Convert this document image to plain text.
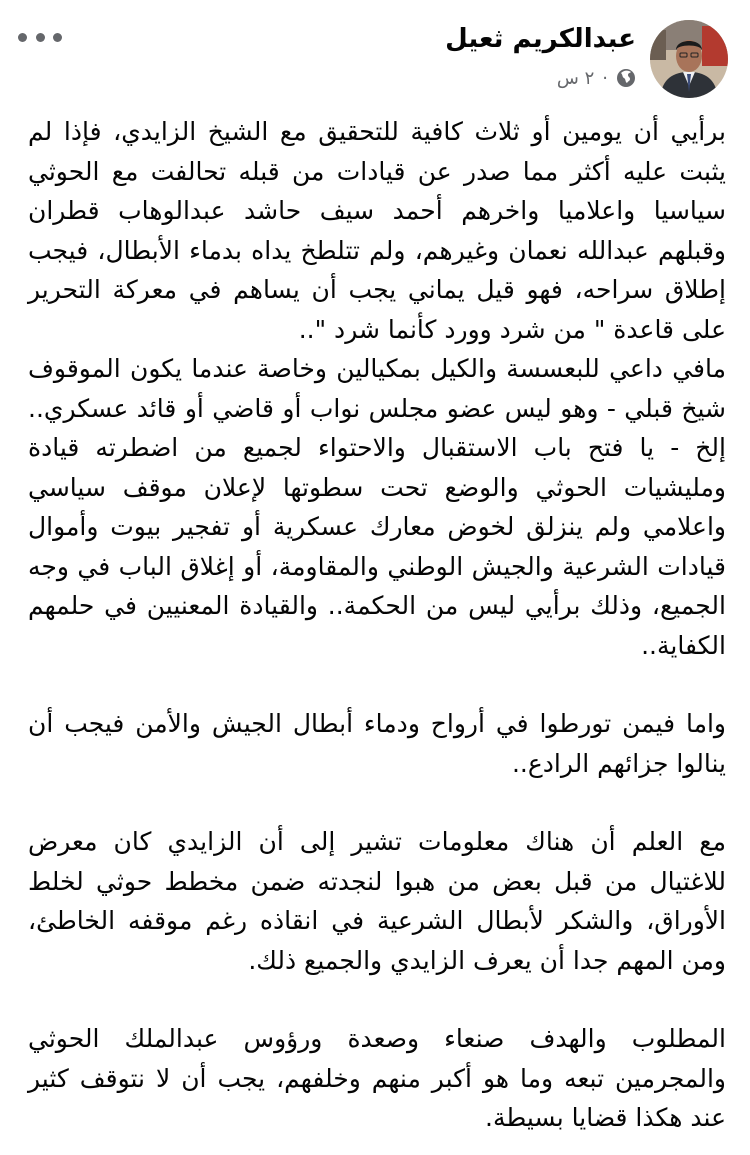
عبدالكريم ثعيل
٢ س ·

برأيي أن يومين أو ثلاث كافية للتحقيق مع الشيخ الزايدي، فإذا لم يثبت عليه أكثر مما صدر عن قيادات من قبله تحالفت مع الحوثي سياسيا واعلاميا واخرهم أحمد سيف حاشد عبدالوهاب قطران وقبلهم عبدالله نعمان وغيرهم، ولم تتلطخ يداه بدماء الأبطال، فيجب إطلاق سراحه، فهو قيل يماني يجب أن يساهم في معركة التحرير على قاعدة " من شرد وورد كأنما شرد "..

مافي داعي للبعسسة والكيل بمكيالين وخاصة عندما يكون الموقوف شيخ قبلي - وهو ليس عضو مجلس نواب أو قاضي أو قائد عسكري.. إلخ - يا فتح باب الاستقبال والاحتواء لجميع من اضطرته قيادة ومليشيات الحوثي والوضع تحت سطوتها لإعلان موقف سياسي واعلامي ولم ينزلق لخوض معارك عسكرية أو تفجير بيوت وأموال قيادات الشرعية والجيش الوطني والمقاومة، أو إغلاق الباب في وجه الجميع، وذلك برأيي ليس من الحكمة.. والقيادة المعنيين في حلمهم الكفاية..

واما فيمن تورطوا في أرواح ودماء أبطال الجيش والأمن فيجب أن ينالوا جزائهم الرادع..

مع العلم أن هناك معلومات تشير إلى أن الزايدي كان معرض للاغتيال من قبل بعض من هبوا لنجدته ضمن مخطط حوثي لخلط الأوراق، والشكر لأبطال الشرعية في انقاذه رغم موقفه الخاطئ، ومن المهم جدا أن يعرف الزايدي والجميع ذلك.

المطلوب والهدف صنعاء وصعدة ورؤوس عبدالملك الحوثي والمجرمين تبعه وما هو أكبر منهم وخلفهم، يجب أن لا نتوقف كثير عند هكذا قضايا بسيطة.
